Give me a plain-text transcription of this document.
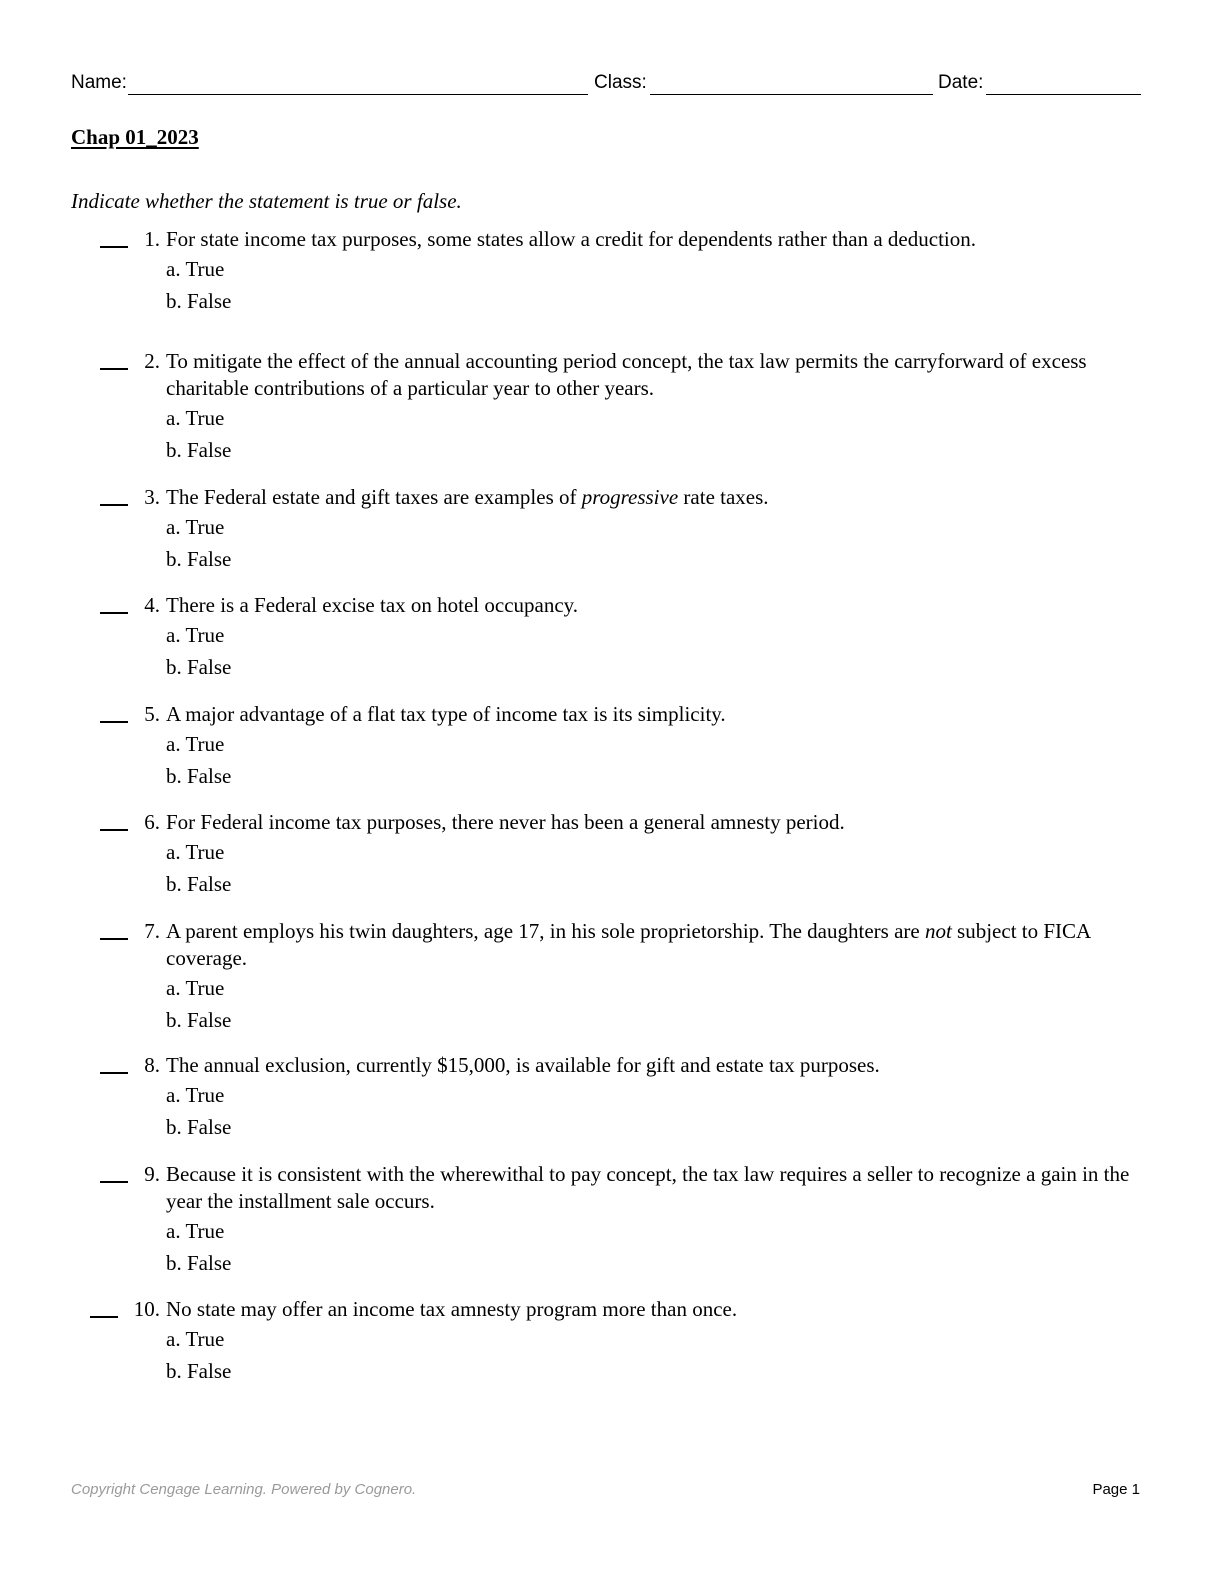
Name:	Class:	Date:
Chap 01_2023
Indicate whether the statement is true or false.
1. For state income tax purposes, some states allow a credit for dependents rather than a deduction.
a. True
b. False
2. To mitigate the effect of the annual accounting period concept, the tax law permits the carryforward of excess charitable contributions of a particular year to other years.
a. True
b. False
3. The Federal estate and gift taxes are examples of progressive rate taxes.
a. True
b. False
4. There is a Federal excise tax on hotel occupancy.
a. True
b. False
5. A major advantage of a flat tax type of income tax is its simplicity.
a. True
b. False
6. For Federal income tax purposes, there never has been a general amnesty period.
a. True
b. False
7. A parent employs his twin daughters, age 17, in his sole proprietorship. The daughters are not subject to FICA coverage.
a. True
b. False
8. The annual exclusion, currently $15,000, is available for gift and estate tax purposes.
a. True
b. False
9. Because it is consistent with the wherewithal to pay concept, the tax law requires a seller to recognize a gain in the year the installment sale occurs.
a. True
b. False
10. No state may offer an income tax amnesty program more than once.
a. True
b. False
Copyright Cengage Learning. Powered by Cognero.	Page 1
